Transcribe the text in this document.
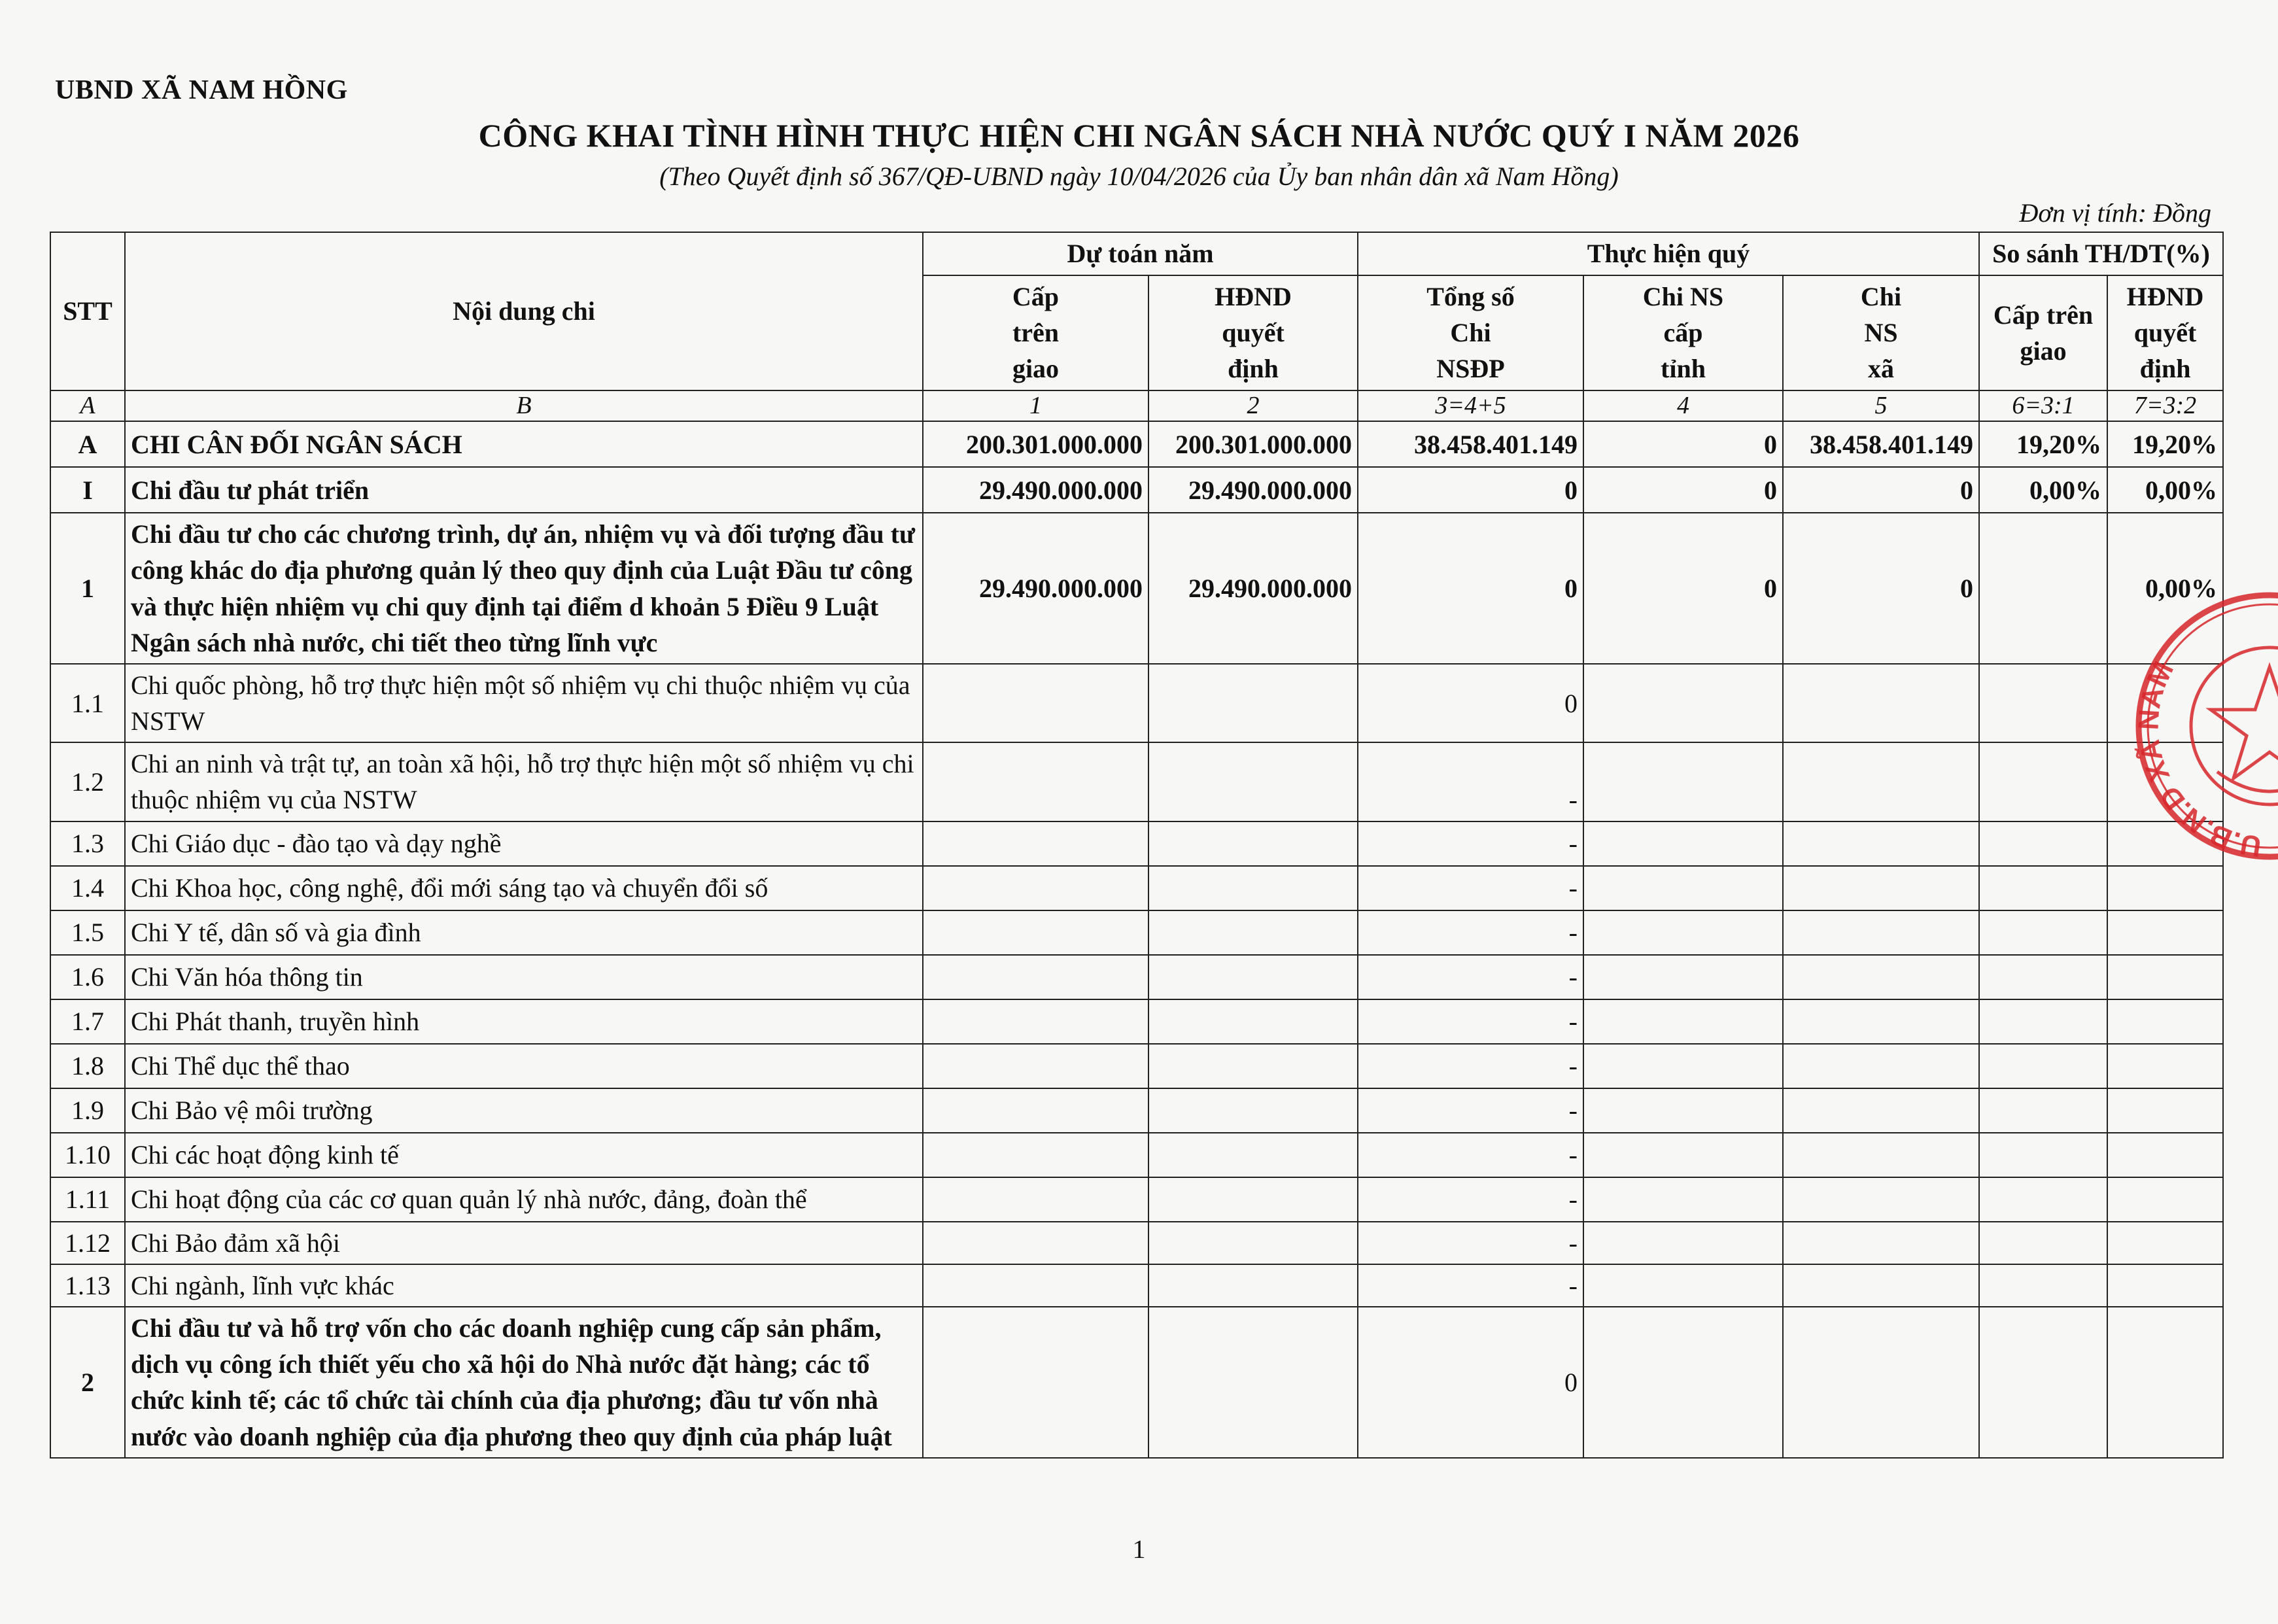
UBND XÃ NAM HỒNG
CÔNG KHAI TÌNH HÌNH THỰC HIỆN CHI NGÂN SÁCH NHÀ NƯỚC QUÝ I NĂM 2026
(Theo Quyết định số 367/QĐ-UBND ngày 10/04/2026 của Ủy ban nhân dân xã Nam Hồng)
Đơn vị tính: Đồng
STT	Nội dung chi	Dự toán năm		Thực hiện quý			So sánh TH/DT(%)	
		Cấp
trên
giao	HĐND
quyết
định	Tổng số
Chi
NSĐP	Chi NS
cấp
tỉnh	Chi
NS
xã	Cấp trên
giao	HĐND
quyết
định
A	B	1	2	3=4+5	4	5	6=3:1	7=3:2
A	CHI CÂN ĐỐI NGÂN SÁCH	200.301.000.000	200.301.000.000	38.458.401.149	0	38.458.401.149	19,20%	19,20%
I	Chi đầu tư phát triển	29.490.000.000	29.490.000.000	0	0	0	0,00%	0,00%
1	Chi đầu tư cho các chương trình, dự án, nhiệm vụ và đối tượng đầu tư công khác do địa phương quản lý theo quy định của Luật Đầu tư công và thực hiện nhiệm vụ chi quy định tại điểm d khoản 5 Điều 9 Luật Ngân sách nhà nước, chi tiết theo từng lĩnh vực	29.490.000.000	29.490.000.000	0	0	0		0,00%
1.1	Chi quốc phòng, hỗ trợ thực hiện một số nhiệm vụ chi thuộc nhiệm vụ của NSTW			0				
1.2	Chi an ninh và trật tự, an toàn xã hội, hỗ trợ thực hiện một số nhiệm vụ chi thuộc nhiệm vụ của NSTW			-				
1.3	Chi Giáo dục - đào tạo và dạy nghề			-				
1.4	Chi Khoa học, công nghệ, đổi mới sáng tạo và chuyển đổi số			-				
1.5	Chi Y tế, dân số và gia đình			-				
1.6	Chi Văn hóa thông tin			-				
1.7	Chi Phát thanh, truyền hình			-				
1.8	Chi Thể dục thể thao			-				
1.9	Chi Bảo vệ môi trường			-				
1.10	Chi các hoạt động kinh tế			-				
1.11	Chi hoạt động của các cơ quan quản lý nhà nước, đảng, đoàn thể			-				
1.12	Chi Bảo đảm xã hội			-				
1.13	Chi ngành, lĩnh vực khác			-				
2	Chi đầu tư và hỗ trợ vốn cho các doanh nghiệp cung cấp sản phẩm, dịch vụ công ích thiết yếu cho xã hội do Nhà nước đặt hàng; các tổ chức kinh tế; các tổ chức tài chính của địa phương; đầu tư vốn nhà nước vào doanh nghiệp của địa phương theo quy định của pháp luật			0				
U.B.N.D XÃ NAM
1
